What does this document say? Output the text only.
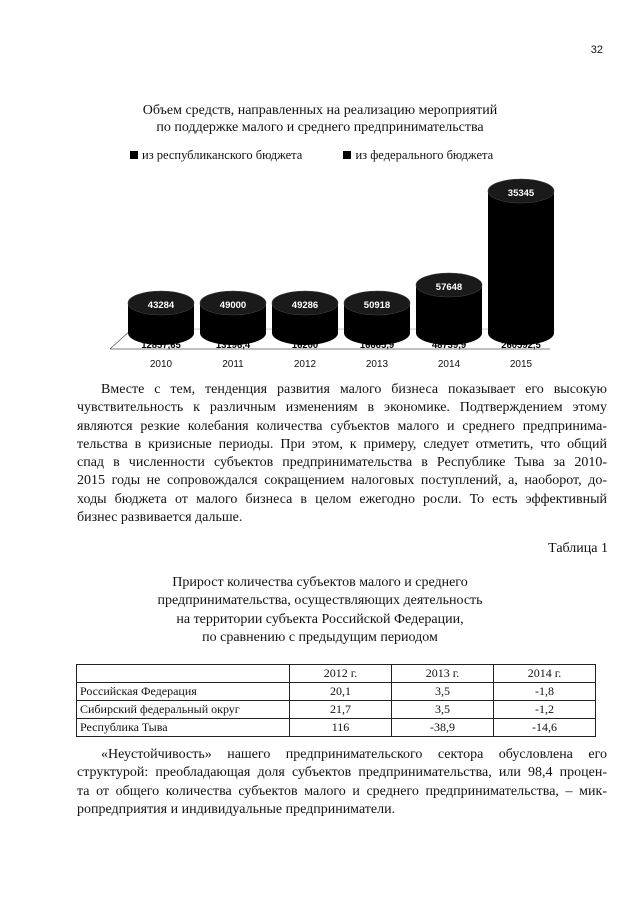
32
Объем средств, направленных на реализацию мероприятий
по поддержке малого и среднего предпринимательства
из республиканского бюджета	из федерального бюджета
43284
12857,65
2010
49000
13196,4
2011
49286
16200
2012
50918
16665,9
2013
57648
48739,9
2014
35345
260592,5
2015
Вместе с тем, тенденция развития малого бизнеса показывает его высокую
чувствительность к различным изменениям в экономике. Подтверждением этому
являются резкие колебания количества субъектов малого и среднего предпринима-
тельства в кризисные периоды. При этом, к примеру, следует отметить, что общий
спад в численности субъектов предпринимательства в Республике Тыва за 2010-
2015 годы не сопровождался сокращением налоговых поступлений, а, наоборот, до-
ходы бюджета от малого бизнеса в целом ежегодно росли. То есть эффективный
бизнес развивается дальше.
Таблица 1
Прирост количества субъектов малого и среднего
предпринимательства, осуществляющих деятельность
на территории субъекта Российской Федерации,
по сравнению с предыдущим периодом
	2012 г.	2013 г.	2014 г.
Российская Федерация	20,1	3,5	-1,8
Сибирский федеральный округ	21,7	3,5	-1,2
Республика Тыва	116	-38,9	-14,6
«Неустойчивость» нашего предпринимательского сектора обусловлена его
структурой: преобладающая доля субъектов предпринимательства, или 98,4 процен-
та от общего количества субъектов малого и среднего предпринимательства, – мик-
ропредприятия и индивидуальные предприниматели.
